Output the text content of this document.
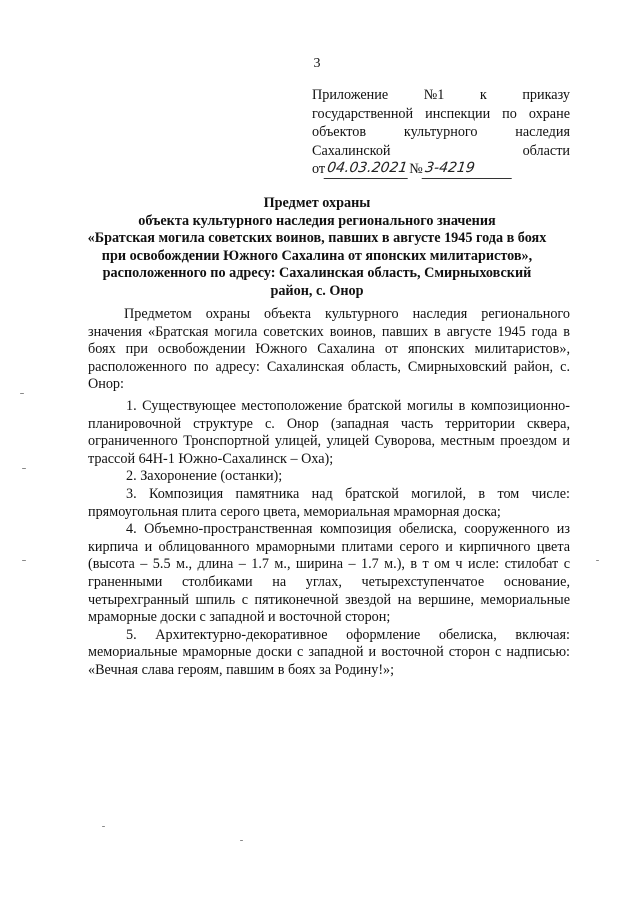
3
Приложение	№1	к	приказу
государственной инспекции по охране
объектов	культурного	наследия
Сахалинской	области
от 04.03.2021 № 3-4219
Предмет охраны
объекта культурного наследия регионального значения
«Братская могила советских воинов, павших в августе 1945 года в боях
при освобождении Южного Сахалина от японских милитаристов»,
расположенного по адресу: Сахалинская область, Смирныховский
район, с. Онор

Предметом охраны объекта культурного наследия регионального значения «Братская могила советских воинов, павших в августе 1945 года в боях при освобождении Южного Сахалина от японских милитаристов», расположенного по адресу: Сахалинская область, Смирныховский район, с. Онор:

1. Существующее местоположение братской могилы в композиционно-планировочной структуре с. Онор (западная часть территории сквера, ограниченного Тронспортной улицей, улицей Суворова, местным проездом и трассой 64Н-1 Южно-Сахалинск – Оха);

2. Захоронение (останки);

3. Композиция памятника над братской могилой, в том числе: прямоугольная плита серого цвета, мемориальная мраморная доска;

4. Объемно-пространственная композиция обелиска, сооруженного из кирпича и облицованного мраморными плитами серого и кирпичного цвета (высота – 5.5 м., длина – 1.7 м., ширина – 1.7 м.), в т ом ч исле: стилобат с граненными столбиками на углах, четырехступенчатое основание, четырехгранный шпиль с пятиконечной звездой на вершине, мемориальные мраморные доски с западной и восточной сторон;

5. Архитектурно-декоративное оформление обелиска, включая: мемориальные мраморные доски с западной и восточной сторон с надписью: «Вечная слава героям, павшим в боях за Родину!»;
